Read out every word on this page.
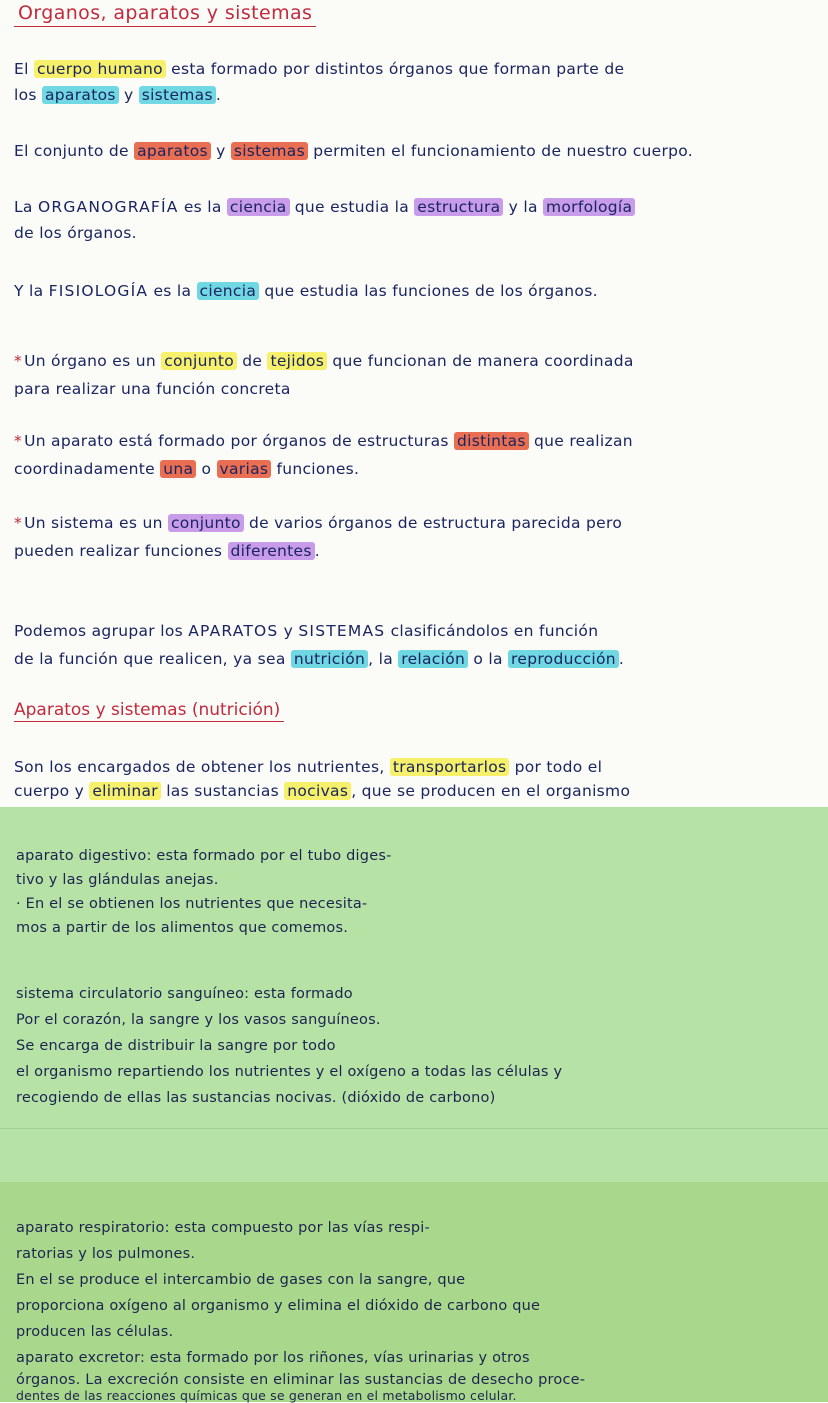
Organos, aparatos y sistemas
El cuerpo humano esta formado por distintos órganos que forman parte de
los aparatos y sistemas .
El conjunto de aparatos y sistemas permiten el funcionamiento de nuestro cuerpo.
La ORGANOGRAFÍA es la ciencia que estudia la estructura y la morfología
de los órganos.
Y la FISIOLOGÍA es la ciencia que estudia las funciones de los órganos.
* Un órgano es un conjunto de tejidos que funcionan de manera coordinada
para realizar una función concreta
* Un aparato está formado por órganos de estructuras distintas que realizan
coordinadamente una o varias funciones.
* Un sistema es un conjunto de varios órganos de estructura parecida pero
pueden realizar funciones diferentes .
Podemos agrupar los APARATOS y SISTEMAS clasificándolos en función
de la función que realicen, ya sea nutrición , la relación o la reproducción .
Aparatos y sistemas (nutrición)
Son los encargados de obtener los nutrientes, transportarlos por todo el
cuerpo y eliminar las sustancias nocivas , que se producen en el organismo
aparato digestivo: esta formado por el tubo diges-
tivo y las glándulas anejas.
· En el se obtienen los nutrientes que necesita-
mos a partir de los alimentos que comemos.
sistema circulatorio sanguíneo: esta formado
Por el corazón, la sangre y los vasos sanguíneos.
Se encarga de distribuir la sangre por todo
el organismo repartiendo los nutrientes y el oxígeno a todas las células y
recogiendo de ellas las sustancias nocivas. (dióxido de carbono)
aparato respiratorio: esta compuesto por las vías respi-
ratorias y los pulmones.
En el se produce el intercambio de gases con la sangre, que
proporciona oxígeno al organismo y elimina el dióxido de carbono que
producen las células.
aparato excretor: esta formado por los riñones, vías urinarias y otros
órganos. La excreción consiste en eliminar las sustancias de desecho proce-
dentes de las reacciones químicas que se generan en el metabolismo celular.
